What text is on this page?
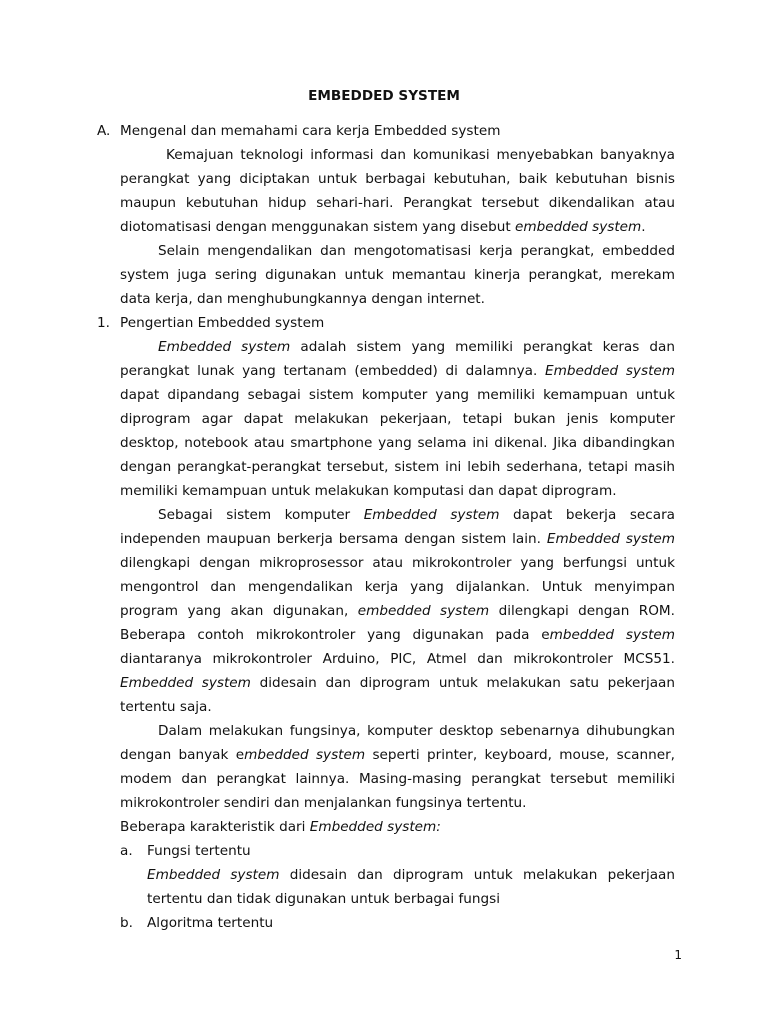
EMBEDDED SYSTEM
A. Mengenal dan memahami cara kerja Embedded system
Kemajuan teknologi informasi dan komunikasi menyebabkan banyaknya perangkat yang diciptakan untuk berbagai kebutuhan, baik kebutuhan bisnis maupun kebutuhan hidup sehari-hari. Perangkat tersebut dikendalikan atau diotomatisasi dengan menggunakan sistem yang disebut embedded system.
Selain mengendalikan dan mengotomatisasi kerja perangkat, embedded system juga sering digunakan untuk memantau kinerja perangkat, merekam data kerja, dan menghubungkannya dengan internet.
1. Pengertian Embedded system
Embedded system adalah sistem yang memiliki perangkat keras dan perangkat lunak yang tertanam (embedded) di dalamnya. Embedded system dapat dipandang sebagai sistem komputer yang memiliki kemampuan untuk diprogram agar dapat melakukan pekerjaan, tetapi bukan jenis komputer desktop, notebook atau smartphone yang selama ini dikenal. Jika dibandingkan dengan perangkat-perangkat tersebut, sistem ini lebih sederhana, tetapi masih memiliki kemampuan untuk melakukan komputasi dan dapat diprogram.
Sebagai sistem komputer Embedded system dapat bekerja secara independen maupuan berkerja bersama dengan sistem lain. Embedded system dilengkapi dengan mikroprosessor atau mikrokontroler yang berfungsi untuk mengontrol dan mengendalikan kerja yang dijalankan. Untuk menyimpan program yang akan digunakan, embedded system dilengkapi dengan ROM. Beberapa contoh mikrokontroler yang digunakan pada embedded system diantaranya mikrokontroler Arduino, PIC, Atmel dan mikrokontroler MCS51. Embedded system didesain dan diprogram untuk melakukan satu pekerjaan tertentu saja.
Dalam melakukan fungsinya, komputer desktop sebenarnya dihubungkan dengan banyak embedded system seperti printer, keyboard, mouse, scanner, modem dan perangkat lainnya. Masing-masing perangkat tersebut memiliki mikrokontroler sendiri dan menjalankan fungsinya tertentu.
Beberapa karakteristik dari Embedded system:
a. Fungsi tertentu
Embedded system didesain dan diprogram untuk melakukan pekerjaan tertentu dan tidak digunakan untuk berbagai fungsi
b. Algoritma tertentu
1
